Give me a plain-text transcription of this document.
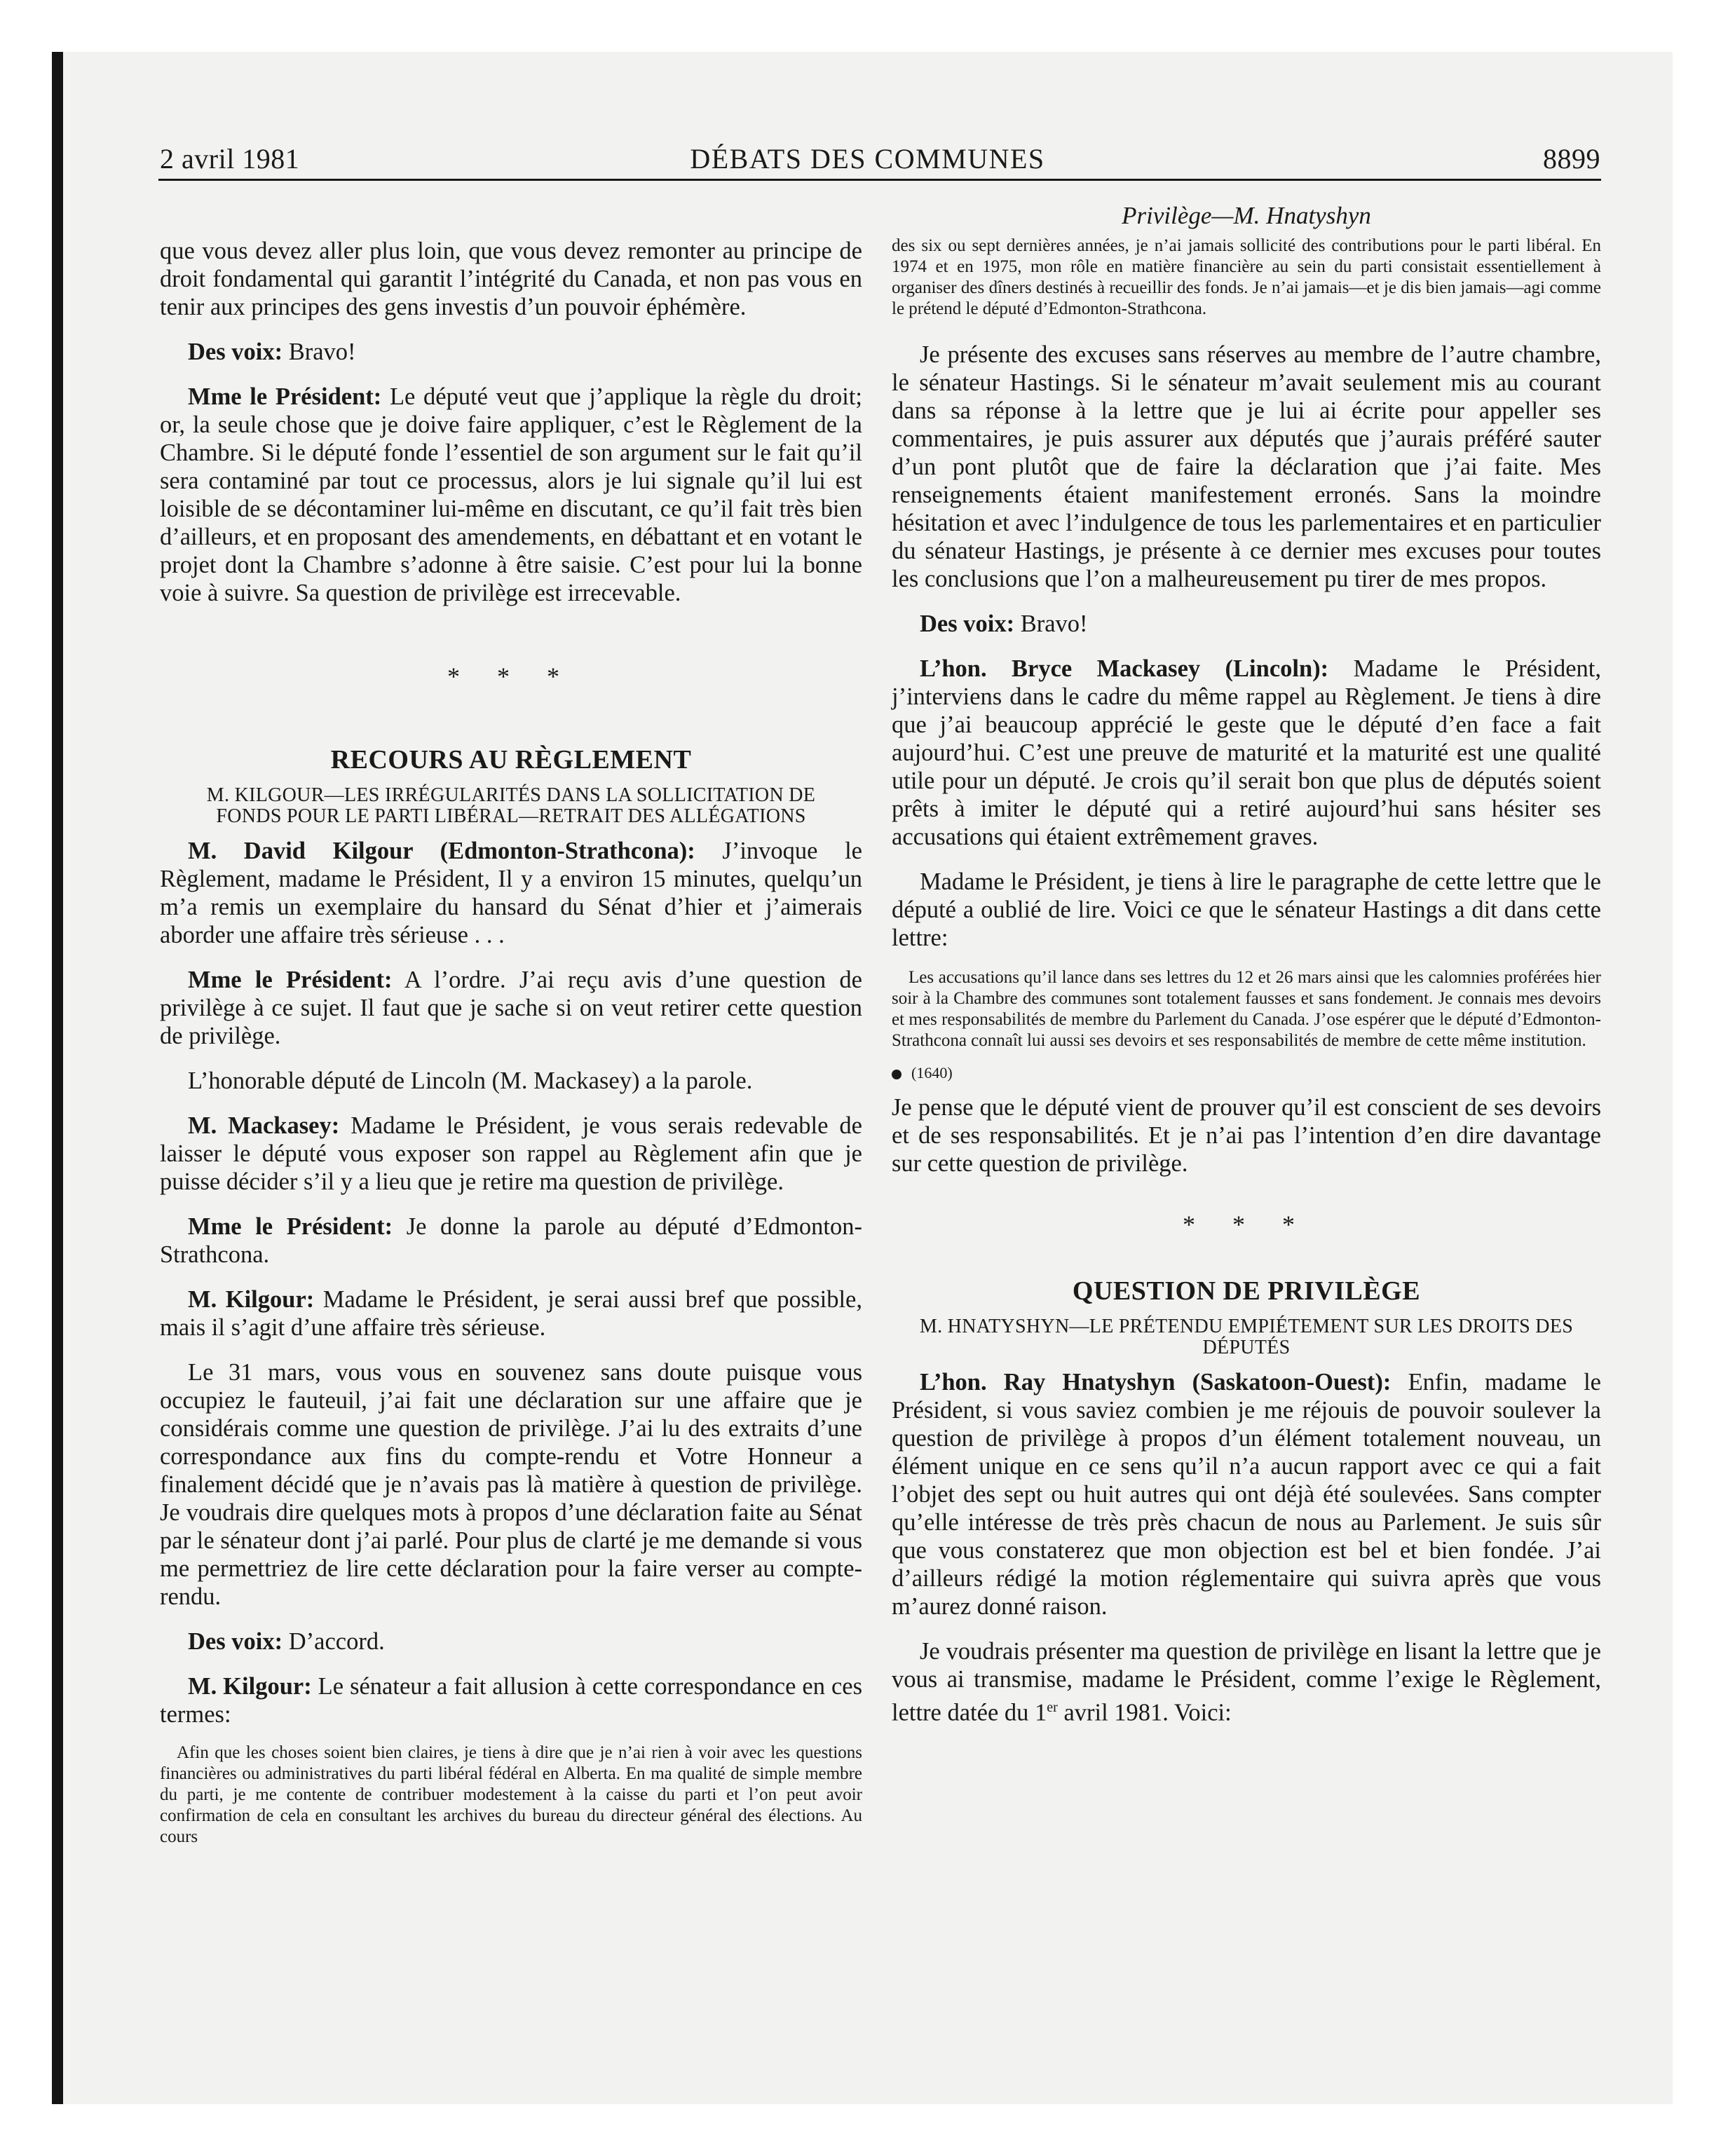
DÉBATS DES COMMUNES
2 avril 1981	8899

que vous devez aller plus loin, que vous devez remonter au principe de droit fondamental qui garantit l’intégrité du Canada, et non pas vous en tenir aux principes des gens investis d’un pouvoir éphémère.

Des voix: Bravo!

Mme le Président: Le député veut que j’applique la règle du droit; or, la seule chose que je doive faire appliquer, c’est le Règlement de la Chambre. Si le député fonde l’essentiel de son argument sur le fait qu’il sera contaminé par tout ce processus, alors je lui signale qu’il lui est loisible de se décontaminer lui-même en discutant, ce qu’il fait très bien d’ailleurs, et en proposant des amendements, en débattant et en votant le projet dont la Chambre s’adonne à être saisie. C’est pour lui la bonne voie à suivre. Sa question de privilège est irrecevable.

* * *

RECOURS AU RÈGLEMENT

M. KILGOUR—LES IRRÉGULARITÉS DANS LA SOLLICITATION DE FONDS POUR LE PARTI LIBÉRAL—RETRAIT DES ALLÉGATIONS

M. David Kilgour (Edmonton-Strathcona): J’invoque le Règlement, madame le Président, Il y a environ 15 minutes, quelqu’un m’a remis un exemplaire du hansard du Sénat d’hier et j’aimerais aborder une affaire très sérieuse . . .

Mme le Président: A l’ordre. J’ai reçu avis d’une question de privilège à ce sujet. Il faut que je sache si on veut retirer cette question de privilège.

L’honorable député de Lincoln (M. Mackasey) a la parole.

M. Mackasey: Madame le Président, je vous serais redevable de laisser le député vous exposer son rappel au Règlement afin que je puisse décider s’il y a lieu que je retire ma question de privilège.

Mme le Président: Je donne la parole au député d’Edmonton-Strathcona.

M. Kilgour: Madame le Président, je serai aussi bref que possible, mais il s’agit d’une affaire très sérieuse.

Le 31 mars, vous vous en souvenez sans doute puisque vous occupiez le fauteuil, j’ai fait une déclaration sur une affaire que je considérais comme une question de privilège. J’ai lu des extraits d’une correspondance aux fins du compte-rendu et Votre Honneur a finalement décidé que je n’avais pas là matière à question de privilège. Je voudrais dire quelques mots à propos d’une déclaration faite au Sénat par le sénateur dont j’ai parlé. Pour plus de clarté je me demande si vous me permettriez de lire cette déclaration pour la faire verser au compte-rendu.

Des voix: D’accord.

M. Kilgour: Le sénateur a fait allusion à cette correspondance en ces termes:

Afin que les choses soient bien claires, je tiens à dire que je n’ai rien à voir avec les questions financières ou administratives du parti libéral fédéral en Alberta. En ma qualité de simple membre du parti, je me contente de contribuer modestement à la caisse du parti et l’on peut avoir confirmation de cela en consultant les archives du bureau du directeur général des élections. Au cours

Privilège—M. Hnatyshyn

des six ou sept dernières années, je n’ai jamais sollicité des contributions pour le parti libéral. En 1974 et en 1975, mon rôle en matière financière au sein du parti consistait essentiellement à organiser des dîners destinés à recueillir des fonds. Je n’ai jamais—et je dis bien jamais—agi comme le prétend le député d’Edmonton-Strathcona.

Je présente des excuses sans réserves au membre de l’autre chambre, le sénateur Hastings. Si le sénateur m’avait seulement mis au courant dans sa réponse à la lettre que je lui ai écrite pour appeller ses commentaires, je puis assurer aux députés que j’aurais préféré sauter d’un pont plutôt que de faire la déclaration que j’ai faite. Mes renseignements étaient manifestement erronés. Sans la moindre hésitation et avec l’indulgence de tous les parlementaires et en particulier du sénateur Hastings, je présente à ce dernier mes excuses pour toutes les conclusions que l’on a malheureusement pu tirer de mes propos.

Des voix: Bravo!

L’hon. Bryce Mackasey (Lincoln): Madame le Président, j’interviens dans le cadre du même rappel au Règlement. Je tiens à dire que j’ai beaucoup apprécié le geste que le député d’en face a fait aujourd’hui. C’est une preuve de maturité et la maturité est une qualité utile pour un député. Je crois qu’il serait bon que plus de députés soient prêts à imiter le député qui a retiré aujourd’hui sans hésiter ses accusations qui étaient extrêmement graves.

Madame le Président, je tiens à lire le paragraphe de cette lettre que le député a oublié de lire. Voici ce que le sénateur Hastings a dit dans cette lettre:

Les accusations qu’il lance dans ses lettres du 12 et 26 mars ainsi que les calomnies proférées hier soir à la Chambre des communes sont totalement fausses et sans fondement. Je connais mes devoirs et mes responsabilités de membre du Parlement du Canada. J’ose espérer que le député d’Edmonton-Strathcona connaît lui aussi ses devoirs et ses responsabilités de membre de cette même institution.

(1640)

Je pense que le député vient de prouver qu’il est conscient de ses devoirs et de ses responsabilités. Et je n’ai pas l’intention d’en dire davantage sur cette question de privilège.

* * *

QUESTION DE PRIVILÈGE

M. HNATYSHYN—LE PRÉTENDU EMPIÉTEMENT SUR LES DROITS DES DÉPUTÉS

L’hon. Ray Hnatyshyn (Saskatoon-Ouest): Enfin, madame le Président, si vous saviez combien je me réjouis de pouvoir soulever la question de privilège à propos d’un élément totalement nouveau, un élément unique en ce sens qu’il n’a aucun rapport avec ce qui a fait l’objet des sept ou huit autres qui ont déjà été soulevées. Sans compter qu’elle intéresse de très près chacun de nous au Parlement. Je suis sûr que vous constaterez que mon objection est bel et bien fondée. J’ai d’ailleurs rédigé la motion réglementaire qui suivra après que vous m’aurez donné raison.

Je voudrais présenter ma question de privilège en lisant la lettre que je vous ai transmise, madame le Président, comme l’exige le Règlement, lettre datée du 1er avril 1981. Voici:
